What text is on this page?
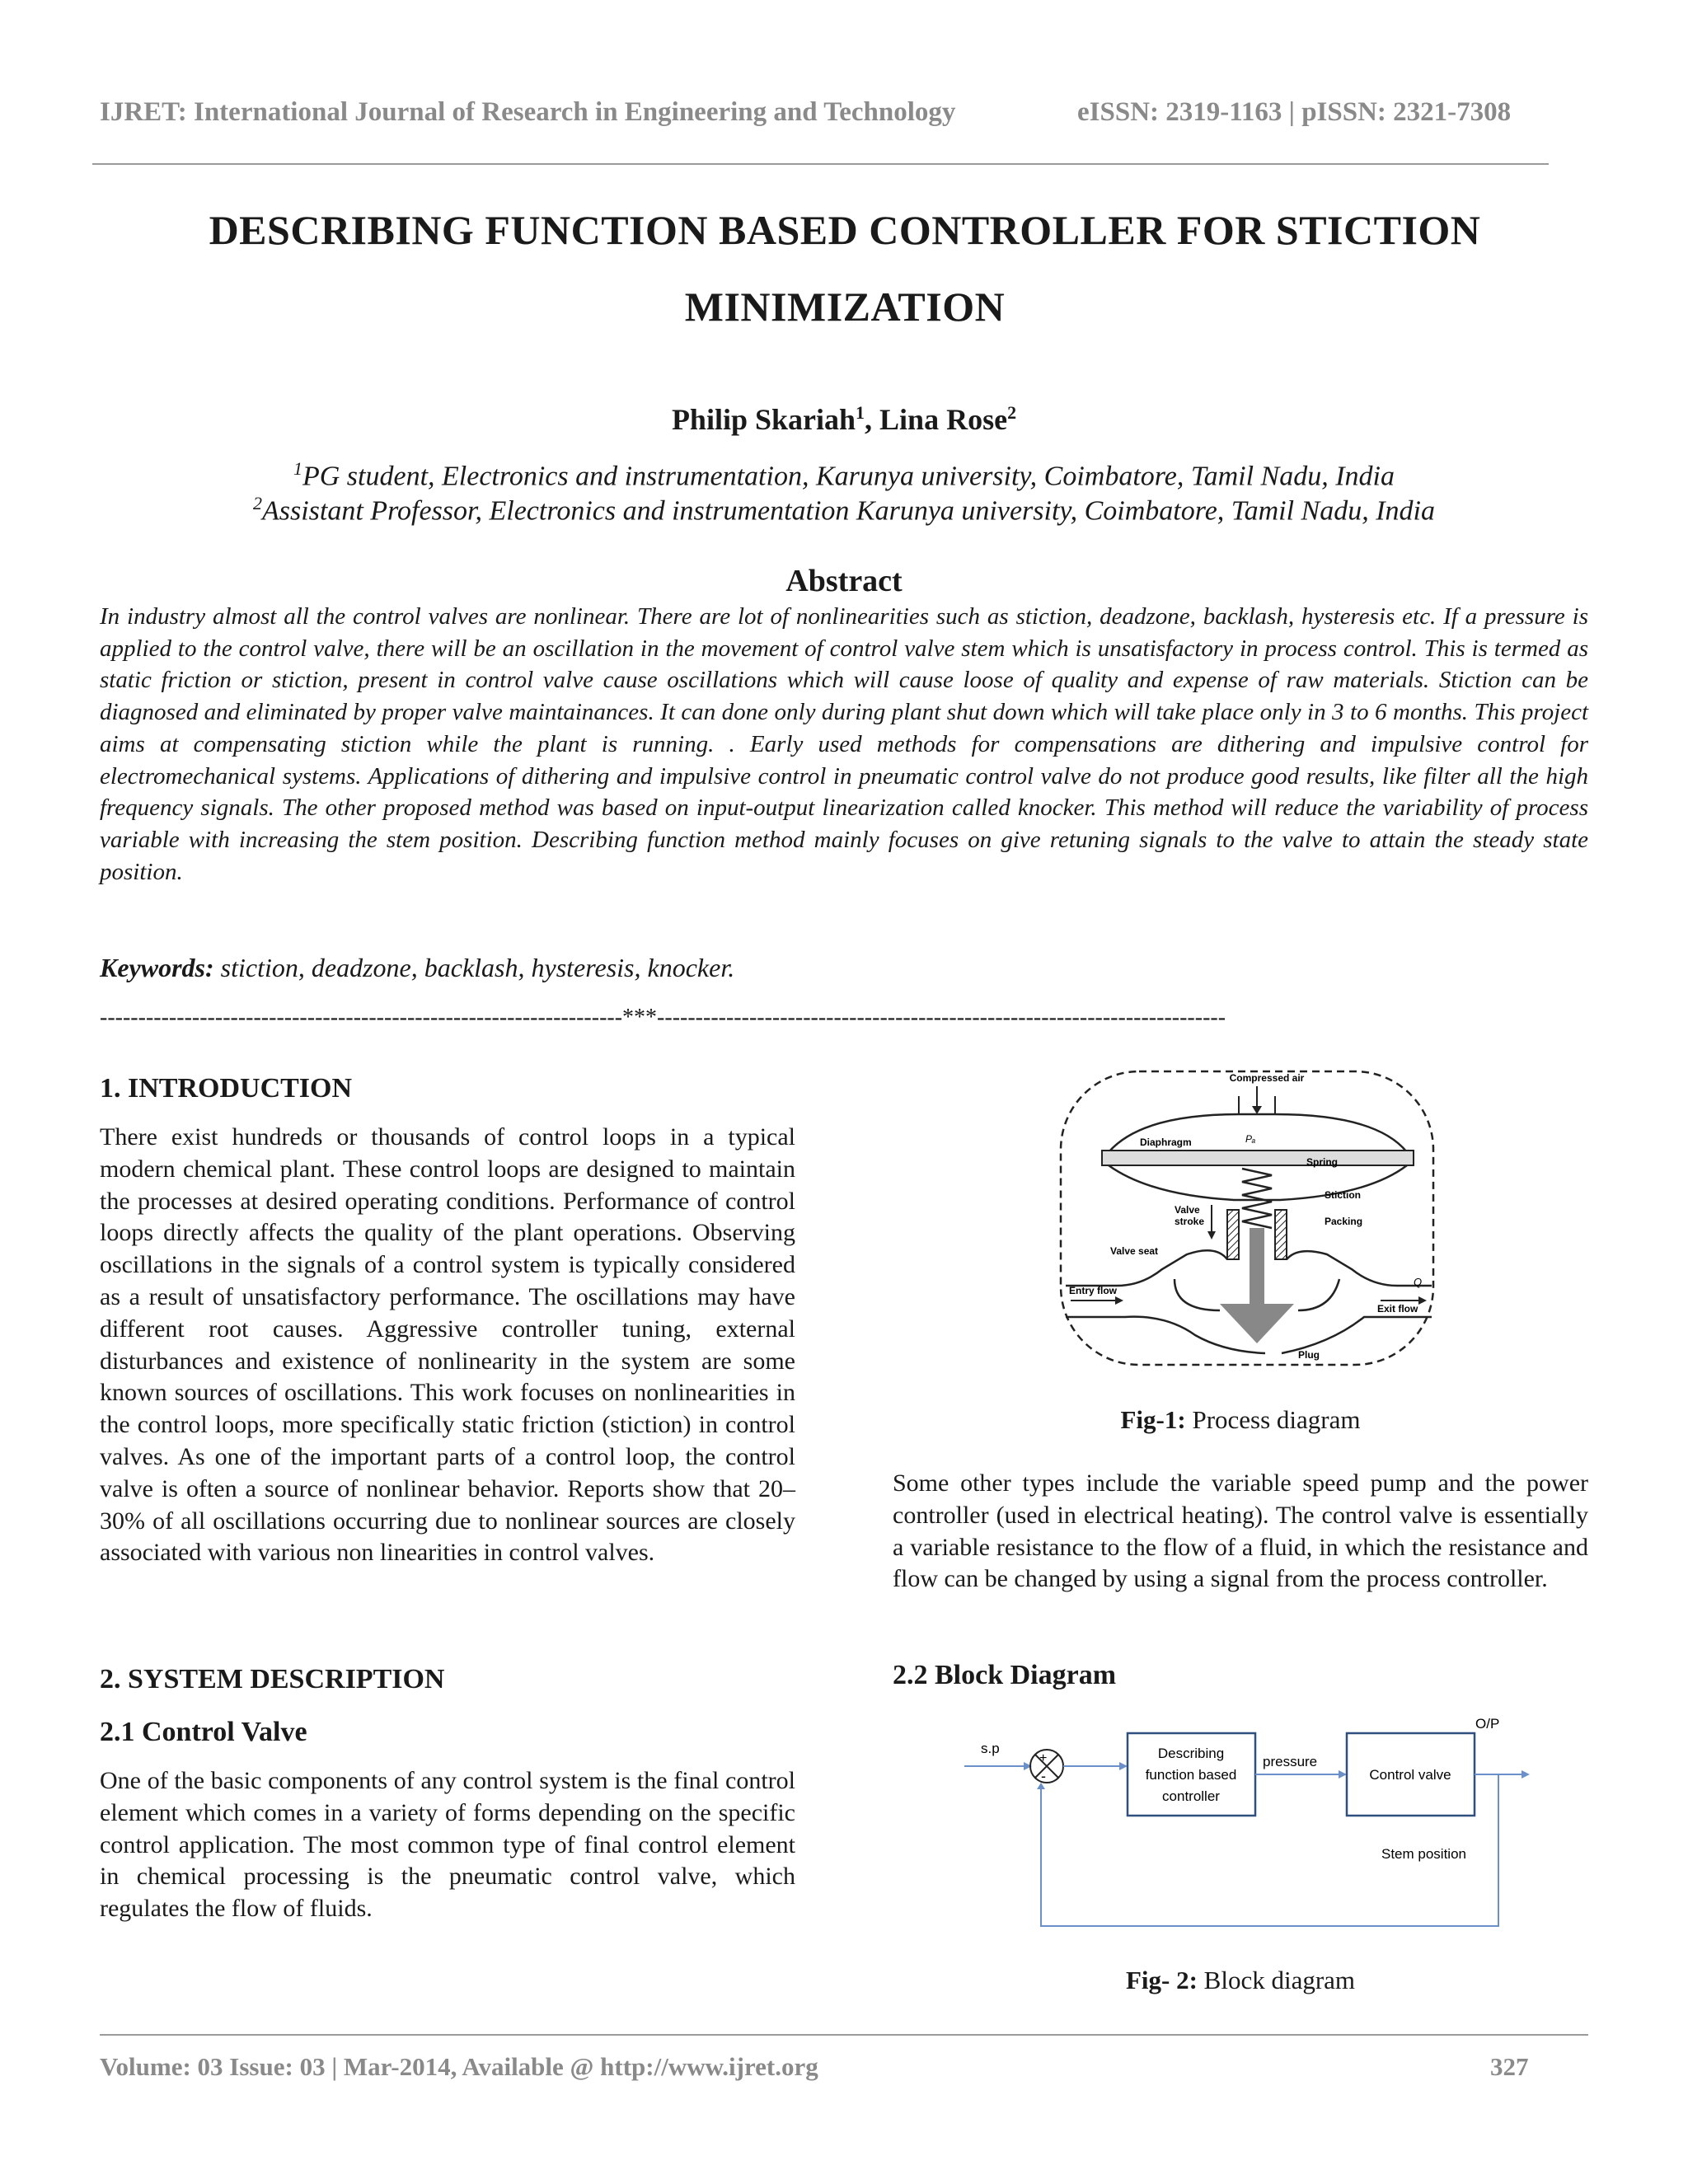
IJRET: International Journal of Research in Engineering and Technology	eISSN: 2319-1163 | pISSN: 2321-7308
DESCRIBING FUNCTION BASED CONTROLLER FOR STICTION
MINIMIZATION
Philip Skariah$^1$, Lina Rose$^2$
$^1$PG student, Electronics and instrumentation, Karunya university, Coimbatore, Tamil Nadu, India
$^2$Assistant Professor, Electronics and instrumentation Karunya university, Coimbatore, Tamil Nadu, India
Abstract
In industry almost all the control valves are nonlinear. There are lot of nonlinearities such as stiction, deadzone, backlash, hysteresis etc. If a pressure is applied to the control valve, there will be an oscillation in the movement of control valve stem which is unsatisfactory in process control. This is termed as static friction or stiction, present in control valve cause oscillations which will cause loose of quality and expense of raw materials. Stiction can be diagnosed and eliminated by proper valve maintainances. It can done only during plant shut down which will take place only in 3 to 6 months. This project aims at compensating stiction while the plant is running. . Early used methods for compensations are dithering and impulsive control for electromechanical systems. Applications of dithering and impulsive control in pneumatic control valve do not produce good results, like filter all the high frequency signals. The other proposed method was based on input-output linearization called knocker. This method will reduce the variability of process variable with increasing the stem position. Describing function method mainly focuses on give retuning signals to the valve to attain the steady state position.
Keywords: stiction, deadzone, backlash, hysteresis, knocker.
--------------------------------------------------------------------***--------------------------------------------------------------------------
1. INTRODUCTION
There exist hundreds or thousands of control loops in a typical modern chemical plant. These control loops are designed to maintain the processes at desired operating conditions. Performance of control loops directly affects the quality of the plant operations. Observing oscillations in the signals of a control system is typically considered as a result of unsatisfactory performance. The oscillations may have different root causes. Aggressive controller tuning, external disturbances and existence of nonlinearity in the system are some known sources of oscillations. This work focuses on nonlinearities in the control loops, more specifically static friction (stiction) in control valves. As one of the important parts of a control loop, the control valve is often a source of nonlinear behavior. Reports show that 20–30% of all oscillations occurring due to nonlinear sources are closely associated with various non linearities in control valves.
2. SYSTEM DESCRIPTION
2.1 Control Valve
One of the basic components of any control system is the final control element which comes in a variety of forms depending on the specific control application. The most common type of final control element in chemical processing is the pneumatic control valve, which regulates the flow of fluids.
Compressed air
Diaphragm	Pₐ
Spring
Stiction
Packing
Valve
stroke
Valve seat
Entry flow
Exit flow
Q
Plug
Fig-1: Process diagram
Some other types include the variable speed pump and the power controller (used in electrical heating). The control valve is essentially a variable resistance to the flow of a fluid, in which the resistance and flow can be changed by using a signal from the process controller.
2.2 Block Diagram
s.p
+
-
Describing
function based
controller
pressure
Control valve
O/P
Stem position
Fig- 2: Block diagram
Volume: 03 Issue: 03 | Mar-2014, Available @ http://www.ijret.org	327
